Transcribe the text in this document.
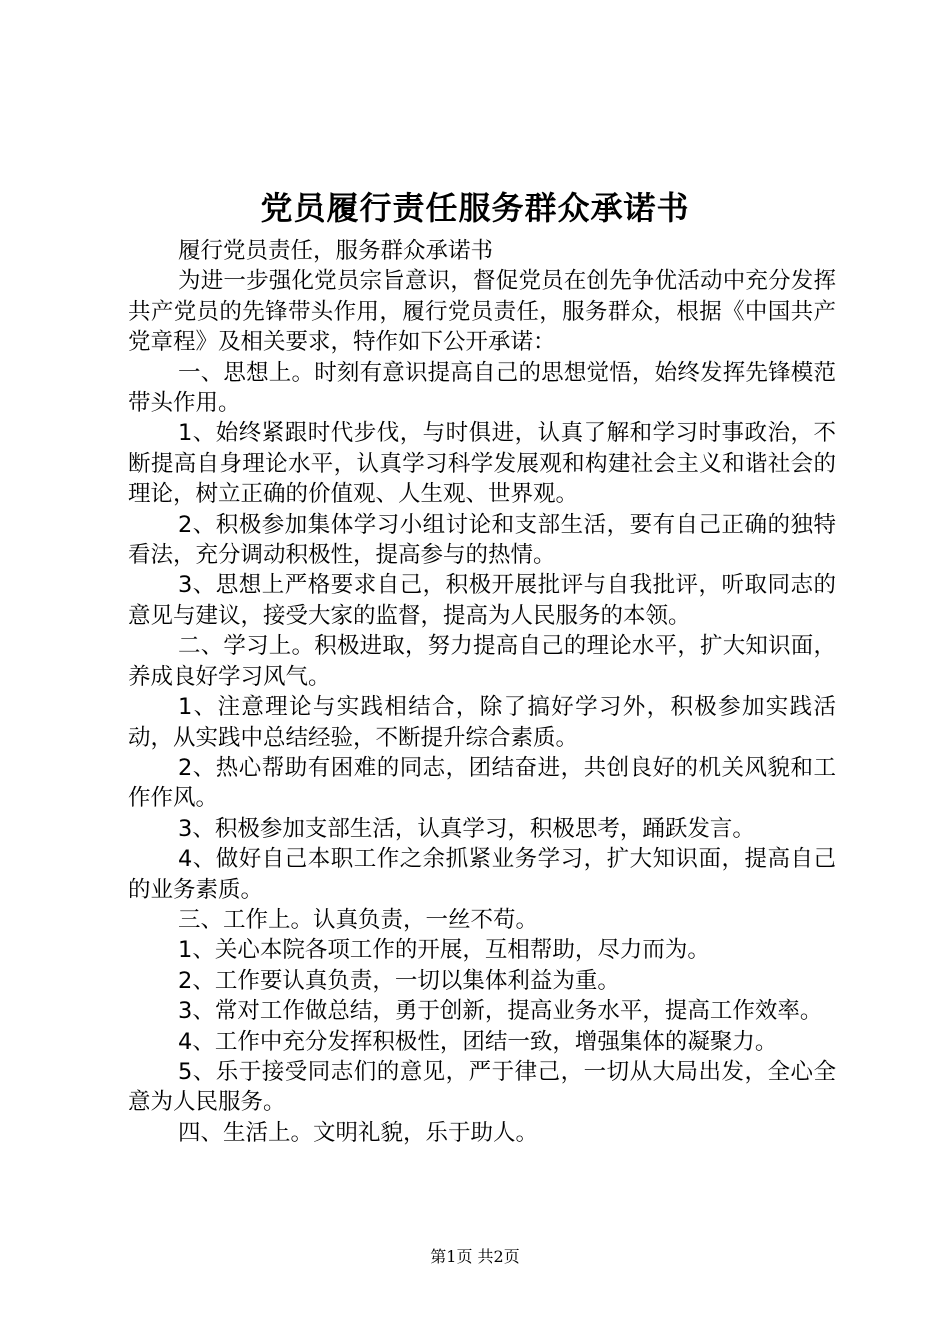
党员履行责任服务群众承诺书

履行党员责任，服务群众承诺书

为进一步强化党员宗旨意识，督促党员在创先争优活动中充分发挥共产党员的先锋带头作用，履行党员责任，服务群众，根据《中国共产党章程》及相关要求，特作如下公开承诺：

一、思想上。时刻有意识提高自己的思想觉悟，始终发挥先锋模范带头作用。

1、始终紧跟时代步伐，与时俱进，认真了解和学习时事政治，不断提高自身理论水平，认真学习科学发展观和构建社会主义和谐社会的理论，树立正确的价值观、人生观、世界观。

2、积极参加集体学习小组讨论和支部生活，要有自己正确的独特看法，充分调动积极性，提高参与的热情。

3、思想上严格要求自己，积极开展批评与自我批评，听取同志的意见与建议，接受大家的监督，提高为人民服务的本领。

二、学习上。积极进取，努力提高自己的理论水平，扩大知识面，养成良好学习风气。

1、注意理论与实践相结合，除了搞好学习外，积极参加实践活动，从实践中总结经验，不断提升综合素质。

2、热心帮助有困难的同志，团结奋进，共创良好的机关风貌和工作作风。

3、积极参加支部生活，认真学习，积极思考，踊跃发言。

4、做好自己本职工作之余抓紧业务学习，扩大知识面，提高自己的业务素质。

三、工作上。认真负责，一丝不苟。

1、关心本院各项工作的开展，互相帮助，尽力而为。

2、工作要认真负责，一切以集体利益为重。

3、常对工作做总结，勇于创新，提高业务水平，提高工作效率。

4、工作中充分发挥积极性，团结一致，增强集体的凝聚力。

5、乐于接受同志们的意见，严于律己，一切从大局出发，全心全意为人民服务。

四、生活上。文明礼貌，乐于助人。

第1页 共2页
